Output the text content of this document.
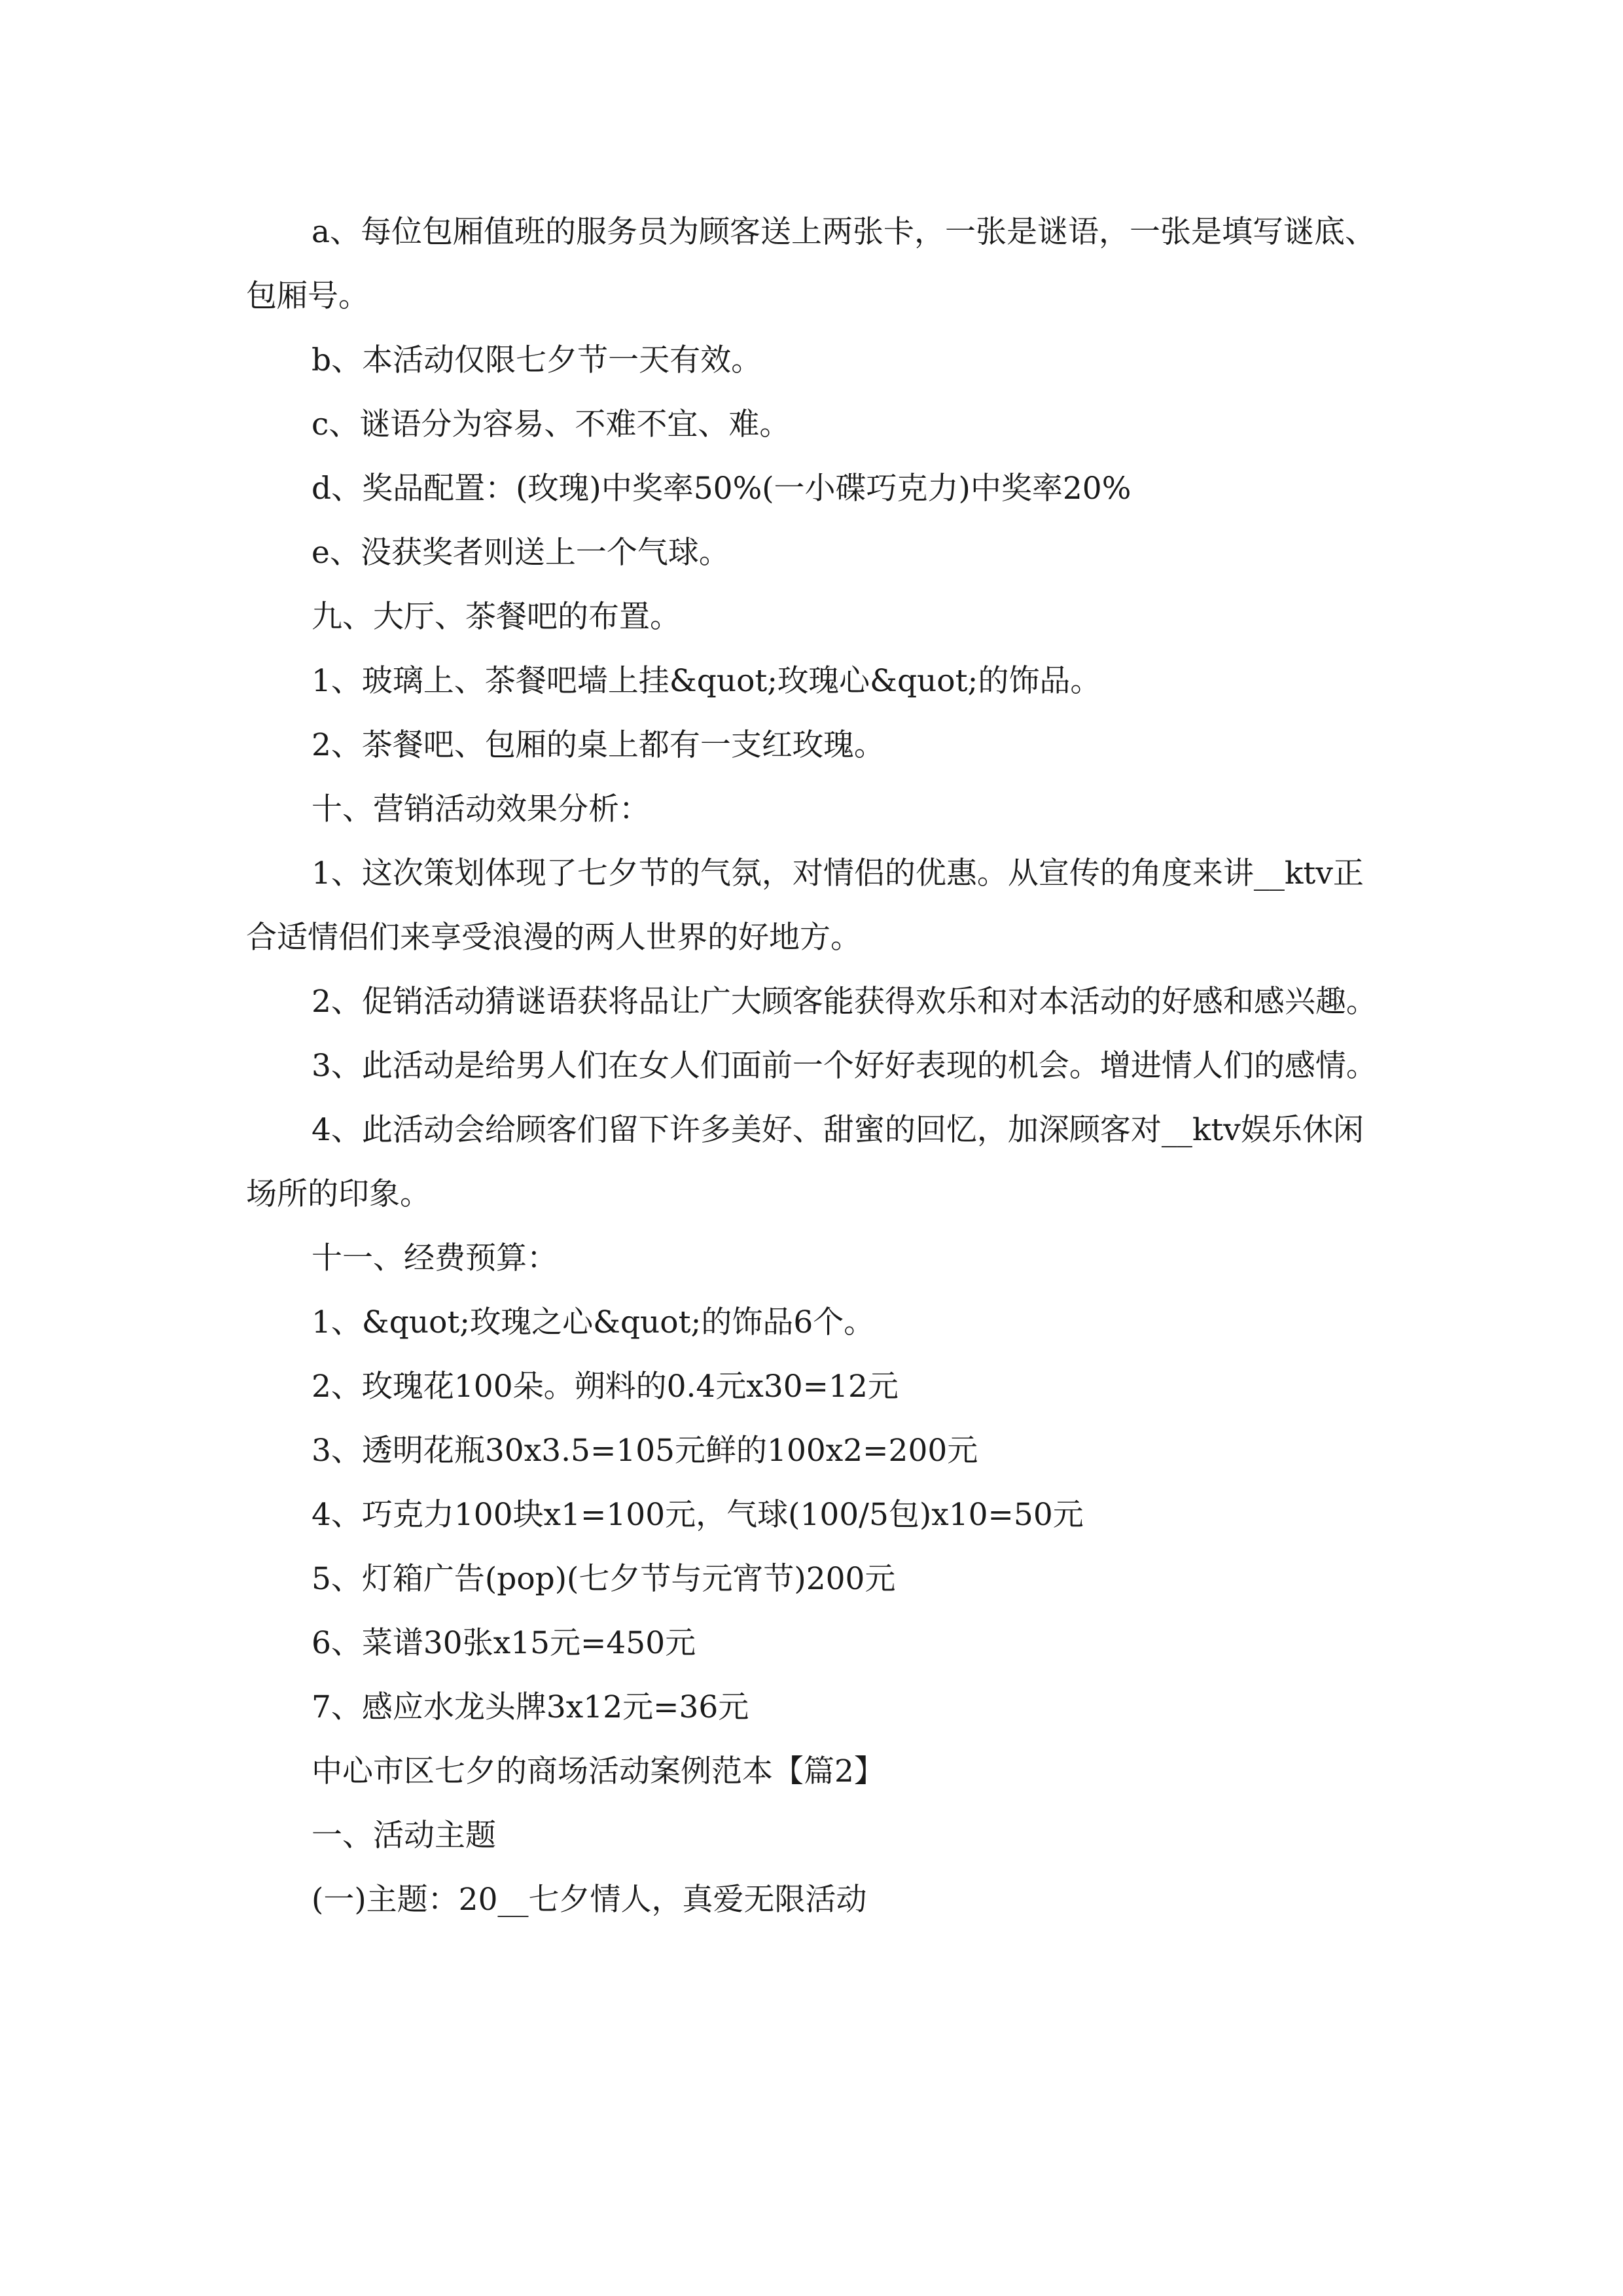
a、每位包厢值班的服务员为顾客送上两张卡，一张是谜语，一张是填写谜底、包厢号。

b、本活动仅限七夕节一天有效。

c、谜语分为容易、不难不宜、难。

d、奖品配置：(玫瑰)中奖率50%(一小碟巧克力)中奖率20%

e、没获奖者则送上一个气球。

九、大厅、茶餐吧的布置。

1、玻璃上、茶餐吧墙上挂&quot;玫瑰心&quot;的饰品。

2、茶餐吧、包厢的桌上都有一支红玫瑰。

十、营销活动效果分析：

1、这次策划体现了七夕节的气氛，对情侣的优惠。从宣传的角度来讲__ktv正合适情侣们来享受浪漫的两人世界的好地方。

2、促销活动猜谜语获将品让广大顾客能获得欢乐和对本活动的好感和感兴趣。

3、此活动是给男人们在女人们面前一个好好表现的机会。增进情人们的感情。

4、此活动会给顾客们留下许多美好、甜蜜的回忆，加深顾客对__ktv娱乐休闲场所的印象。

十一、经费预算：

1、&quot;玫瑰之心&quot;的饰品6个。

2、玫瑰花100朵。朔料的0.4元x30=12元

3、透明花瓶30x3.5=105元鲜的100x2=200元

4、巧克力100块x1=100元，气球(100/5包)x10=50元

5、灯箱广告(pop)(七夕节与元宵节)200元

6、菜谱30张x15元=450元

7、感应水龙头牌3x12元=36元

中心市区七夕的商场活动案例范本【篇2】

一、活动主题

(一)主题：20__七夕情人，真爱无限活动
